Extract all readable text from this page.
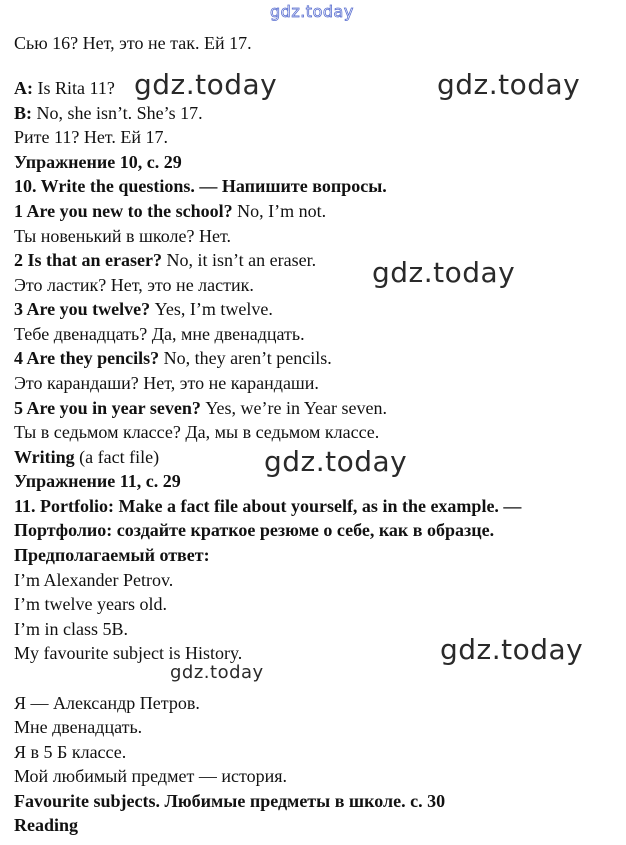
gdz.today
Сью 16? Нет, это не так. Ей 17.
A: Is Rita 11?
B: No, she isn’t. She’s 17.
Рите 11? Нет. Ей 17.
Упражнение 10, с. 29
10. Write the questions. — Напишите вопросы.
1 Are you new to the school? No, I’m not.
Ты новенький в школе? Нет.
2 Is that an eraser? No, it isn’t an eraser.
Это ластик? Нет, это не ластик.
3 Are you twelve? Yes, I’m twelve.
Тебе двенадцать? Да, мне двенадцать.
4 Are they pencils? No, they aren’t pencils.
Это карандаши? Нет, это не карандаши.
5 Are you in year seven? Yes, we’re in Year seven.
Ты в седьмом классе? Да, мы в седьмом классе.
Writing (a fact file)
Упражнение 11, с. 29
11. Portfolio: Make a fact file about yourself, as in the example. —
Портфолио: создайте краткое резюме о себе, как в образце.
Предполагаемый ответ:
I’m Alexander Petrov.
I’m twelve years old.
I’m in class 5B.
My favourite subject is History.
Я — Александр Петров.
Мне двенадцать.
Я в 5 Б классе.
Мой любимый предмет — история.
Favourite subjects. Любимые предметы в школе. с. 30
Reading
gdz.today	gdz.today
gdz.today
gdz.today
gdz.today
gdz.today
